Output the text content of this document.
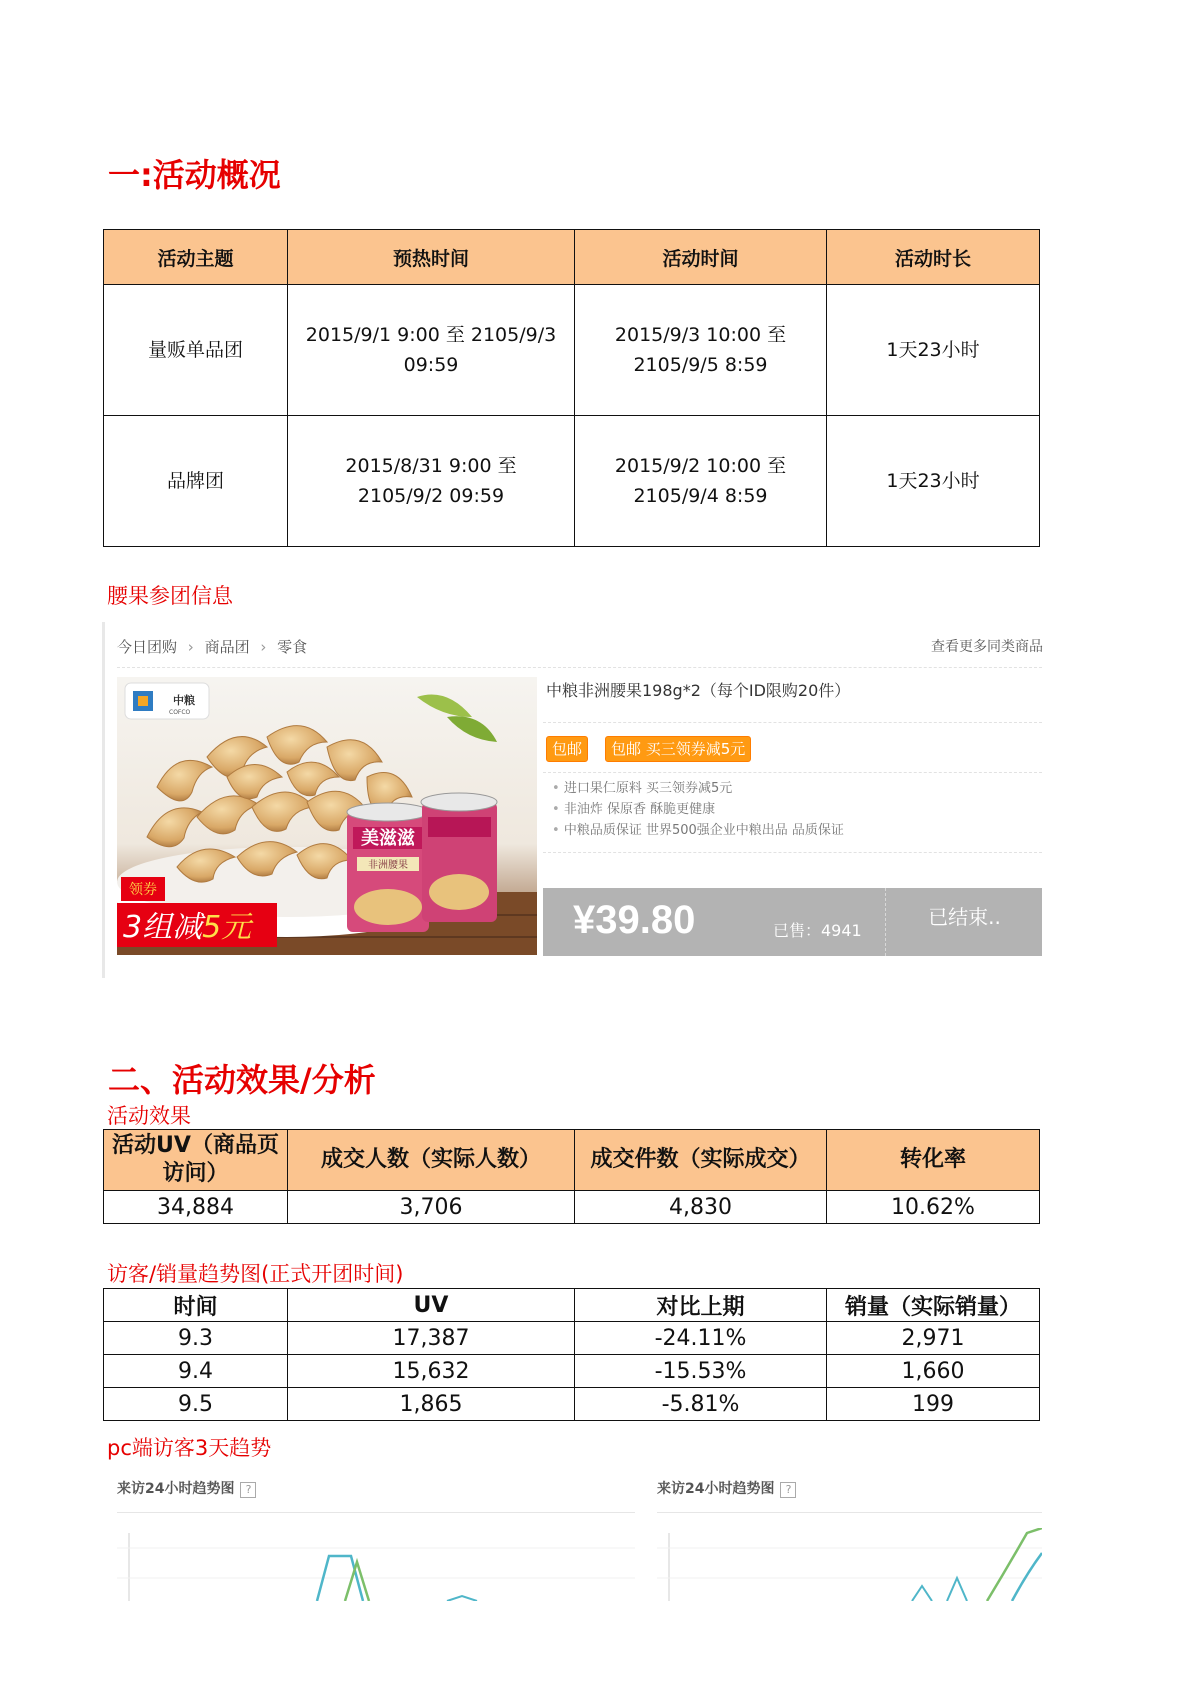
一:活动概况
活动主题	预热时间	活动时间	活动时长
量贩单品团	2015/9/1 9:00 至 2105/9/3 09:59	2015/9/3 10:00 至 2105/9/5 8:59	1天23小时
品牌团	2015/8/31 9:00 至 2105/9/2 09:59	2015/9/2 10:00 至 2105/9/4 8:59	1天23小时
腰果参团信息
今日团购 › 商品团 › 零食	查看更多同类商品
美滋滋
非洲腰果
中粮
COFCO
领券
3组减5元
中粮非洲腰果198g*2（每个ID限购20件）
包邮	包邮 买三领券减5元
• 进口果仁原料 买三领券减5元
• 非油炸 保原香 酥脆更健康
• 中粮品质保证 世界500强企业中粮出品 品质保证
¥39.80	已售：4941
已结束..
二、活动效果/分析
活动效果
活动UV（商品页访问）	成交人数（实际人数）	成交件数（实际成交）	转化率
34,884	3,706	4,830	10.62%
访客/销量趋势图(正式开团时间)
时间	UV	对比上期	销量（实际销量）
9.3	17,387	-24.11%	2,971
9.4	15,632	-15.53%	1,660
9.5	1,865	-5.81%	199
pc端访客3天趋势
来访24小时趋势图 ?	来访24小时趋势图 ?
